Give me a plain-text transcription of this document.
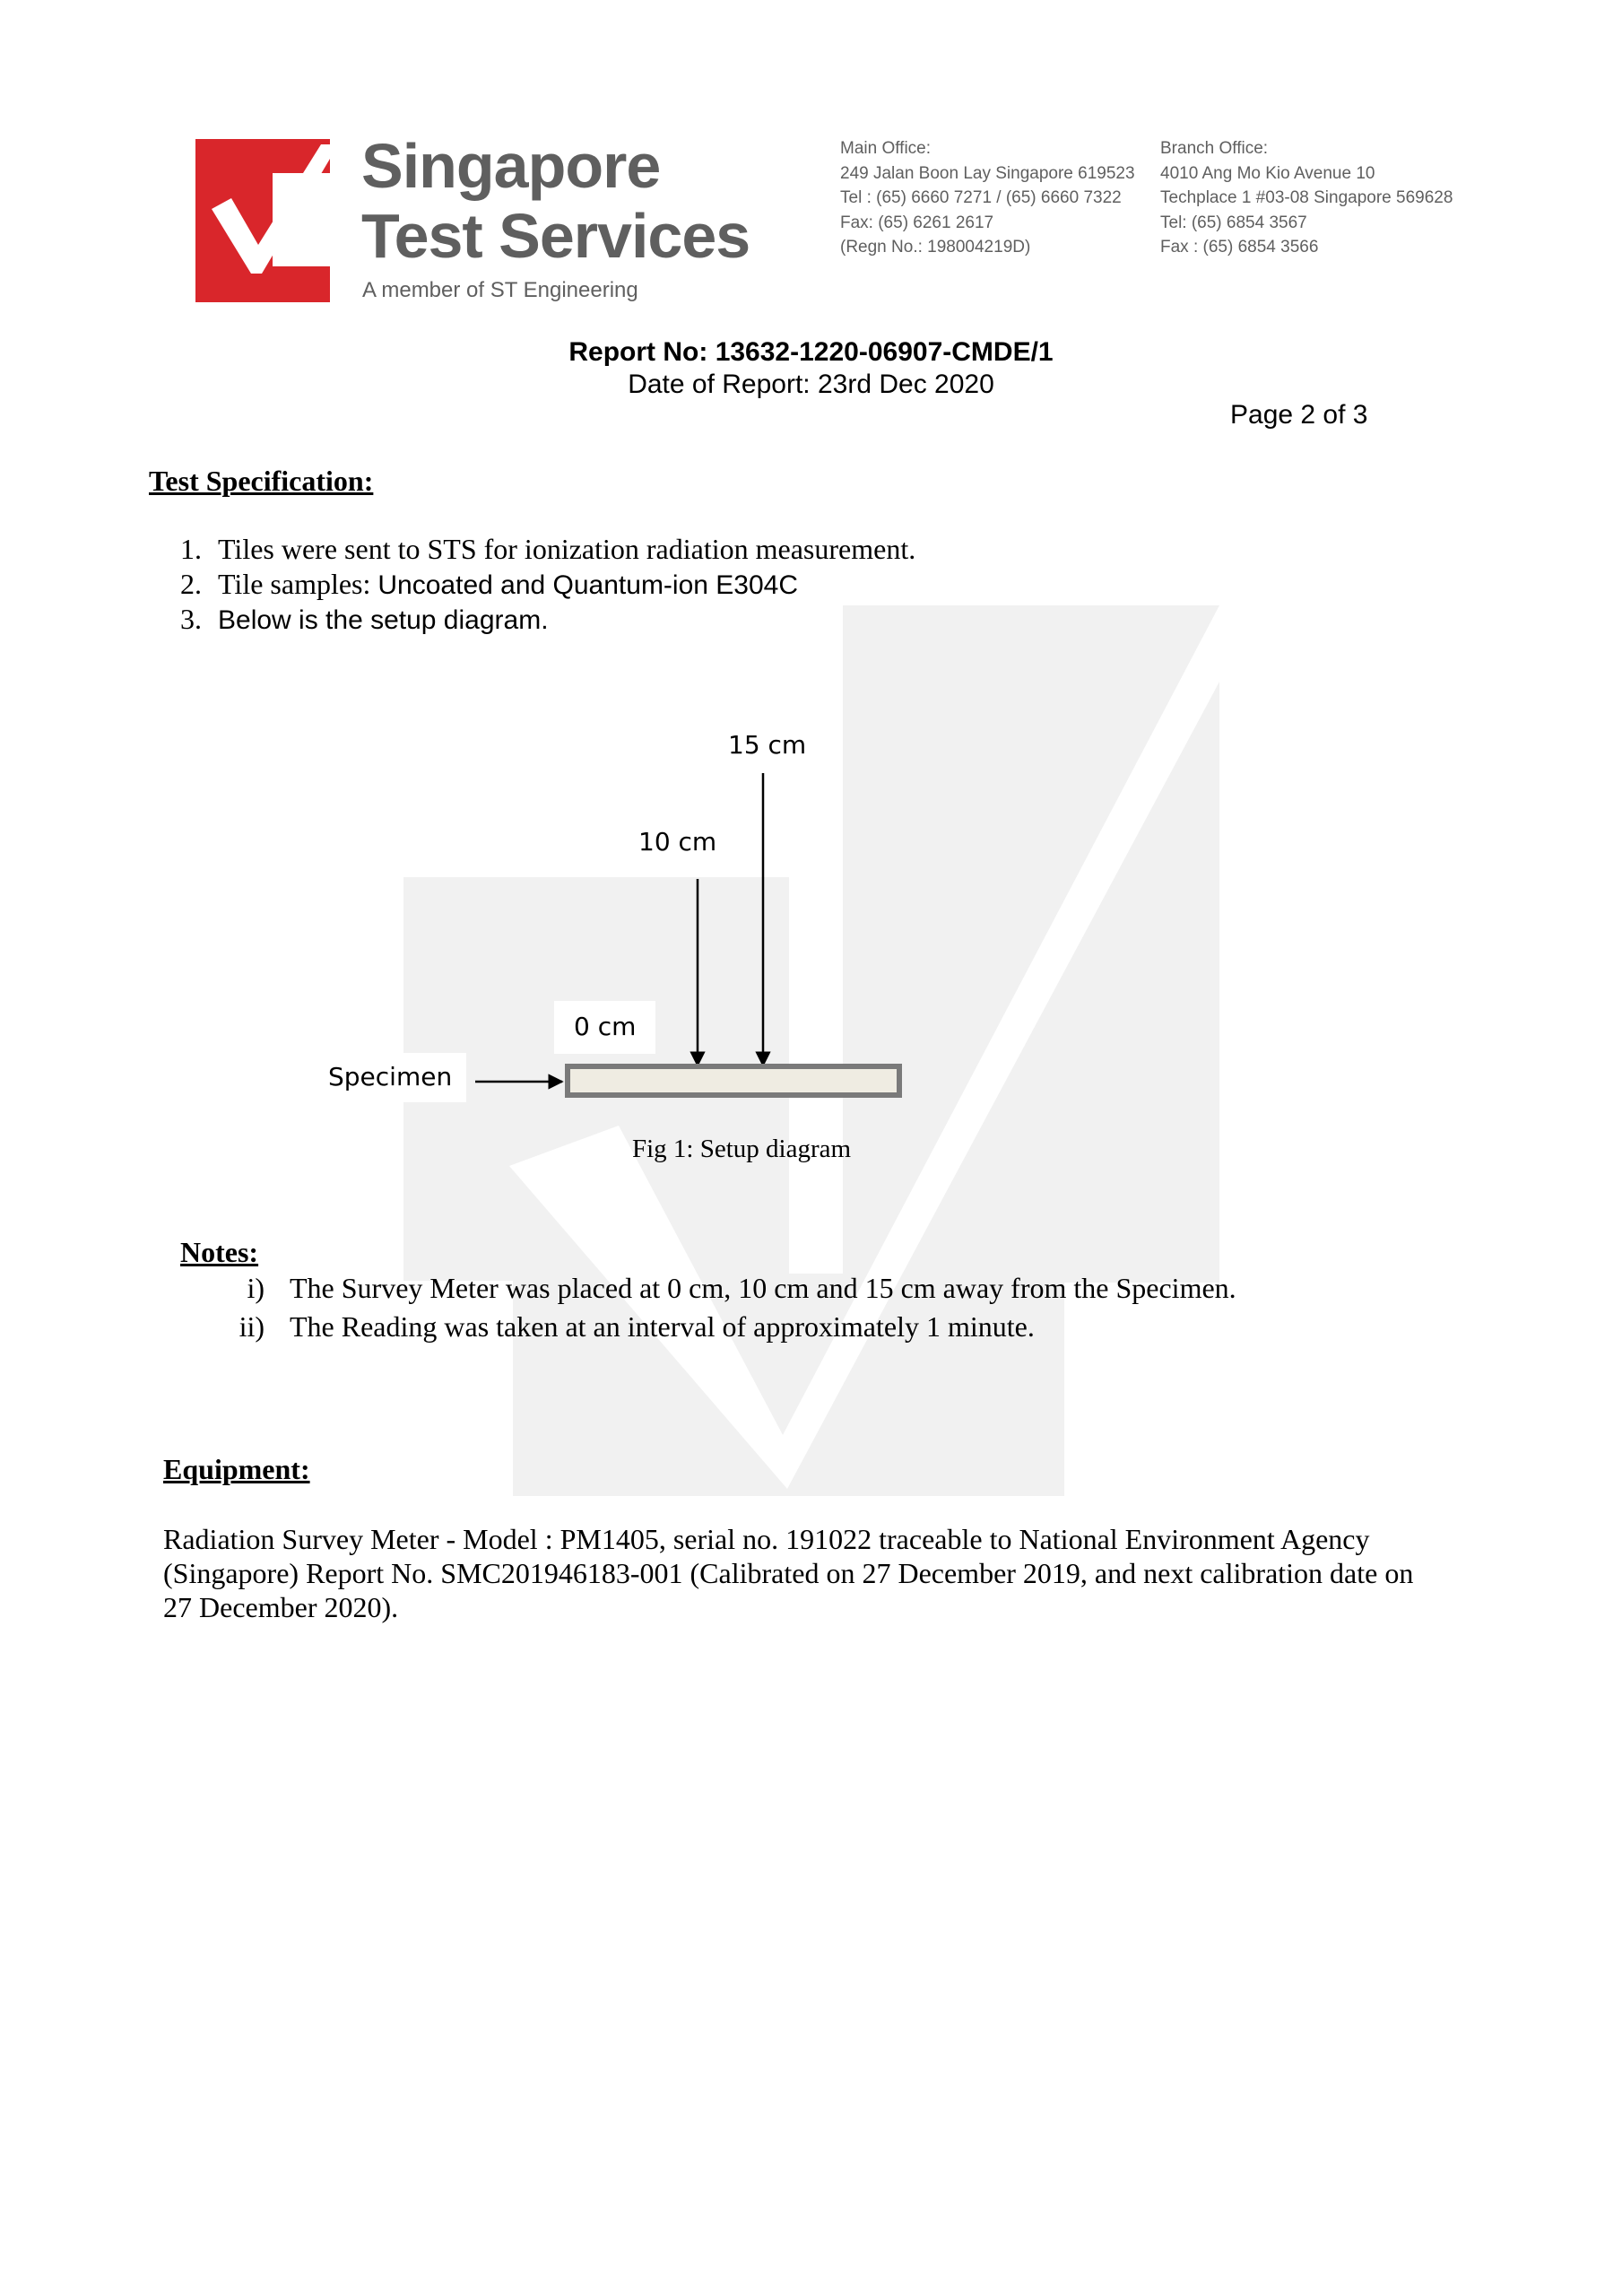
Singapore
Test Services
A member of ST Engineering
Main Office:
249 Jalan Boon Lay Singapore 619523
Tel : (65) 6660 7271 / (65) 6660 7322
Fax: (65) 6261 2617
(Regn No.: 198004219D)
Branch Office:
4010 Ang Mo Kio Avenue 10
Techplace 1 #03-08 Singapore 569628
Tel: (65) 6854 3567
Fax : (65) 6854 3566
Report No: 13632-1220-06907-CMDE/1
Date of Report: 23rd Dec 2020
Page 2 of 3
Test Specification:
1. Tiles were sent to STS for ionization radiation measurement.
2. Tile samples: Uncoated and Quantum-ion E304C
3. Below is the setup diagram.
15 cm
10 cm
0 cm
Specimen
Fig 1: Setup diagram
Notes:
i) The Survey Meter was placed at 0 cm, 10 cm and 15 cm away from the Specimen.
ii) The Reading was taken at an interval of approximately 1 minute.
Equipment:
Radiation Survey Meter - Model : PM1405, serial no. 191022 traceable to National Environment Agency
(Singapore) Report No. SMC201946183-001 (Calibrated on 27 December 2019, and next calibration date on
27 December 2020).
